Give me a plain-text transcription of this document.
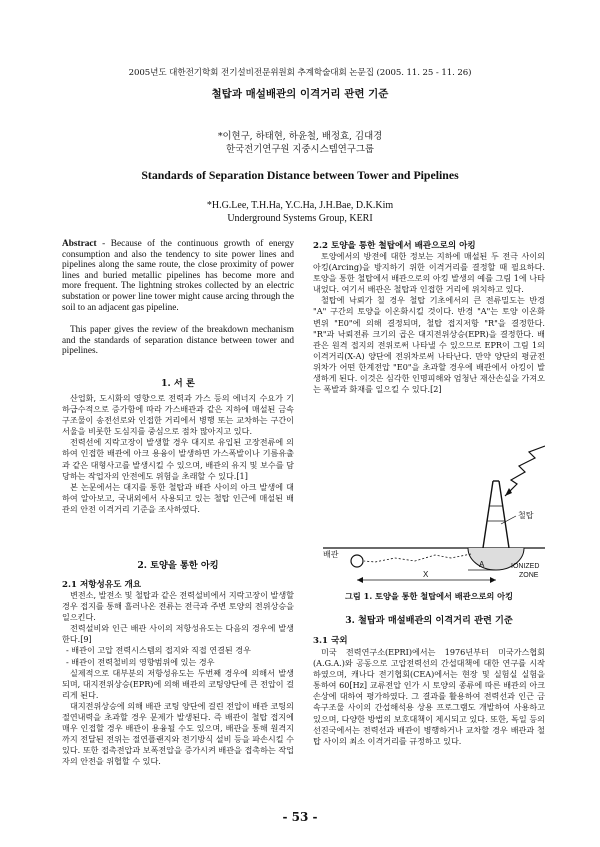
2005년도 대한전기학회 전기설비전문위원회 추계학술대회 논문집 (2005. 11. 25 - 11. 26)
철탑과 매설배관의 이격거리 관련 기준
*이현구, 하태현, 하윤철, 배정효, 김대경
한국전기연구원 지중시스템연구그룹
Standards of Separation Distance between Tower and Pipelines
*H.G.Lee, T.H.Ha, Y.C.Ha, J.H.Bae, D.K.Kim
Underground Systems Group, KERI
Abstract - Because of the continuous growth of energy consumption and also the tendency to site power lines and pipelines along the same route, the close proximity of power lines and buried metallic pipelines has become more and more frequent. The lightning strokes collected by an electric substation or power line tower might cause arcing through the soil to an adjacent gas pipeline.

This paper gives the review of the breakdown mechanism and the standards of separation distance between tower and pipelines.

1. 서 론

산업화, 도시화의 영향으로 전력과 가스 등의 에너지 수요가 기하급수적으로 증가함에 따라 가스배관과 같은 지하에 매설된 금속구조물이 송전선로와 인접한 거리에서 병행 또는 교차하는 구간이 서울을 비롯한 도심지를 중심으로 점차 많아지고 있다.

전력선에 지락고장이 발생할 경우 대지로 유입된 고장전류에 의하여 인접한 배관에 아크 용융이 발생하면 가스폭발이나 기름유출과 같은 대형사고를 발생시킬 수 있으며, 배관의 유지 및 보수를 담당하는 작업자의 안전에도 위험을 초래할 수 있다.[1]

본 논문에서는 대지를 통한 철탑과 배관 사이의 아크 발생에 대하여 알아보고, 국내외에서 사용되고 있는 철탑 인근에 매설된 배관의 안전 이격거리 기준을 조사하였다.

2. 토양을 통한 아킹
2.1 저항성유도 개요

변전소, 발전소 및 철탑과 같은 전력설비에서 지락고장이 발생할 경우 접지를 통해 흘러나온 전류는 전극과 주변 토양의 전위상승을 일으킨다.

전력설비와 인근 배관 사이의 저항성유도는 다음의 경우에 발생한다.[9]

- 배관이 고압 전력시스템의 접지와 직접 연결된 경우

- 배관이 전력철비의 영향범위에 있는 경우

실제적으로 대부분의 저항성유도는 두번째 경우에 의해서 발생되며, 대지전위상승(EPR)에 의해 배관의 코팅양단에 큰 전압이 걸리게 된다.

대지전위상승에 의해 배관 코팅 양단에 걸린 전압이 배관 코팅의 절연내력을 초과할 경우 문제가 발생된다. 즉 배관이 철탑 접지에 매우 인접할 경우 배관이 용융될 수도 있으며, 배관을 통해 원격지까지 전달된 전위는 절연플랜지와 전기방식 설비 등을 파손시킬 수 있다. 또한 접촉전압과 보폭전압을 증가시켜 배관을 접촉하는 작업자의 안전을 위협할 수 있다.

2.2 토양을 통한 철탑에서 배관으로의 아킹

토양에서의 방전에 대한 정보는 지하에 매설된 두 전극 사이의 아킹(Arcing)을 방지하기 위한 이격거리를 결정할 때 필요하다. 토양을 통한 철탑에서 배관으로의 아킹 발생의 예를 그림 1에 나타내었다. 여기서 배관은 철탑과 인접한 거리에 위치하고 있다.

철탑에 낙뢰가 칠 경우 철탑 기초에서의 큰 전류밀도는 반경 "A" 구간의 토양을 이온화시킬 것이다. 반경 "A"는 토양 이온화 변위 "E0"에 의해 결정되며, 철탑 접지저항 "R"을 결정한다. "R"과 낙뢰전류 크기의 곱은 대지전위상승(EPR)을 결정한다. 배관은 원격 접지의 전위로써 나타낼 수 있으므로 EPR이 그림 1의 이격거리(X-A) 양단에 전위차로써 나타난다. 만약 양단의 평균전위차가 어떤 한계전압 "E0"을 초과할 경우에 배관에서 아킹이 발생하게 된다. 이것은 심각한 인명피해와 엄청난 재산손실을 가져오는 폭발과 화재를 일으킬 수 있다.[2]

철탑
배관
A
X
IONIZED
ZONE
그림 1. 토양을 통한 철탑에서 배관으로의 아킹
3. 철탑과 매설배관의 이격거리 관련 기준
3.1 국외

미국 전력연구소(EPRI)에서는 1976년부터 미국가스협회(A.G.A.)와 공동으로 고압전력선의 간섭대책에 대한 연구를 시작하였으며, 캐나다 전기협회(CEA)에서는 현장 및 실험실 실험을 통하여 60[Hz] 교류전압 인가 시 토양의 종류에 따른 배관의 아크 손상에 대하여 평가하였다. 그 결과를 활용하여 전력선과 인근 금속구조물 사이의 간섭해석용 상용 프로그램도 개발하여 사용하고 있으며, 다양한 방법의 보호대책이 제시되고 있다. 또한, 독일 등의 선진국에서는 전력선과 배관이 병행하거나 교차할 경우 배관과 철탑 사이의 최소 이격거리를 규정하고 있다.

- 53 -
